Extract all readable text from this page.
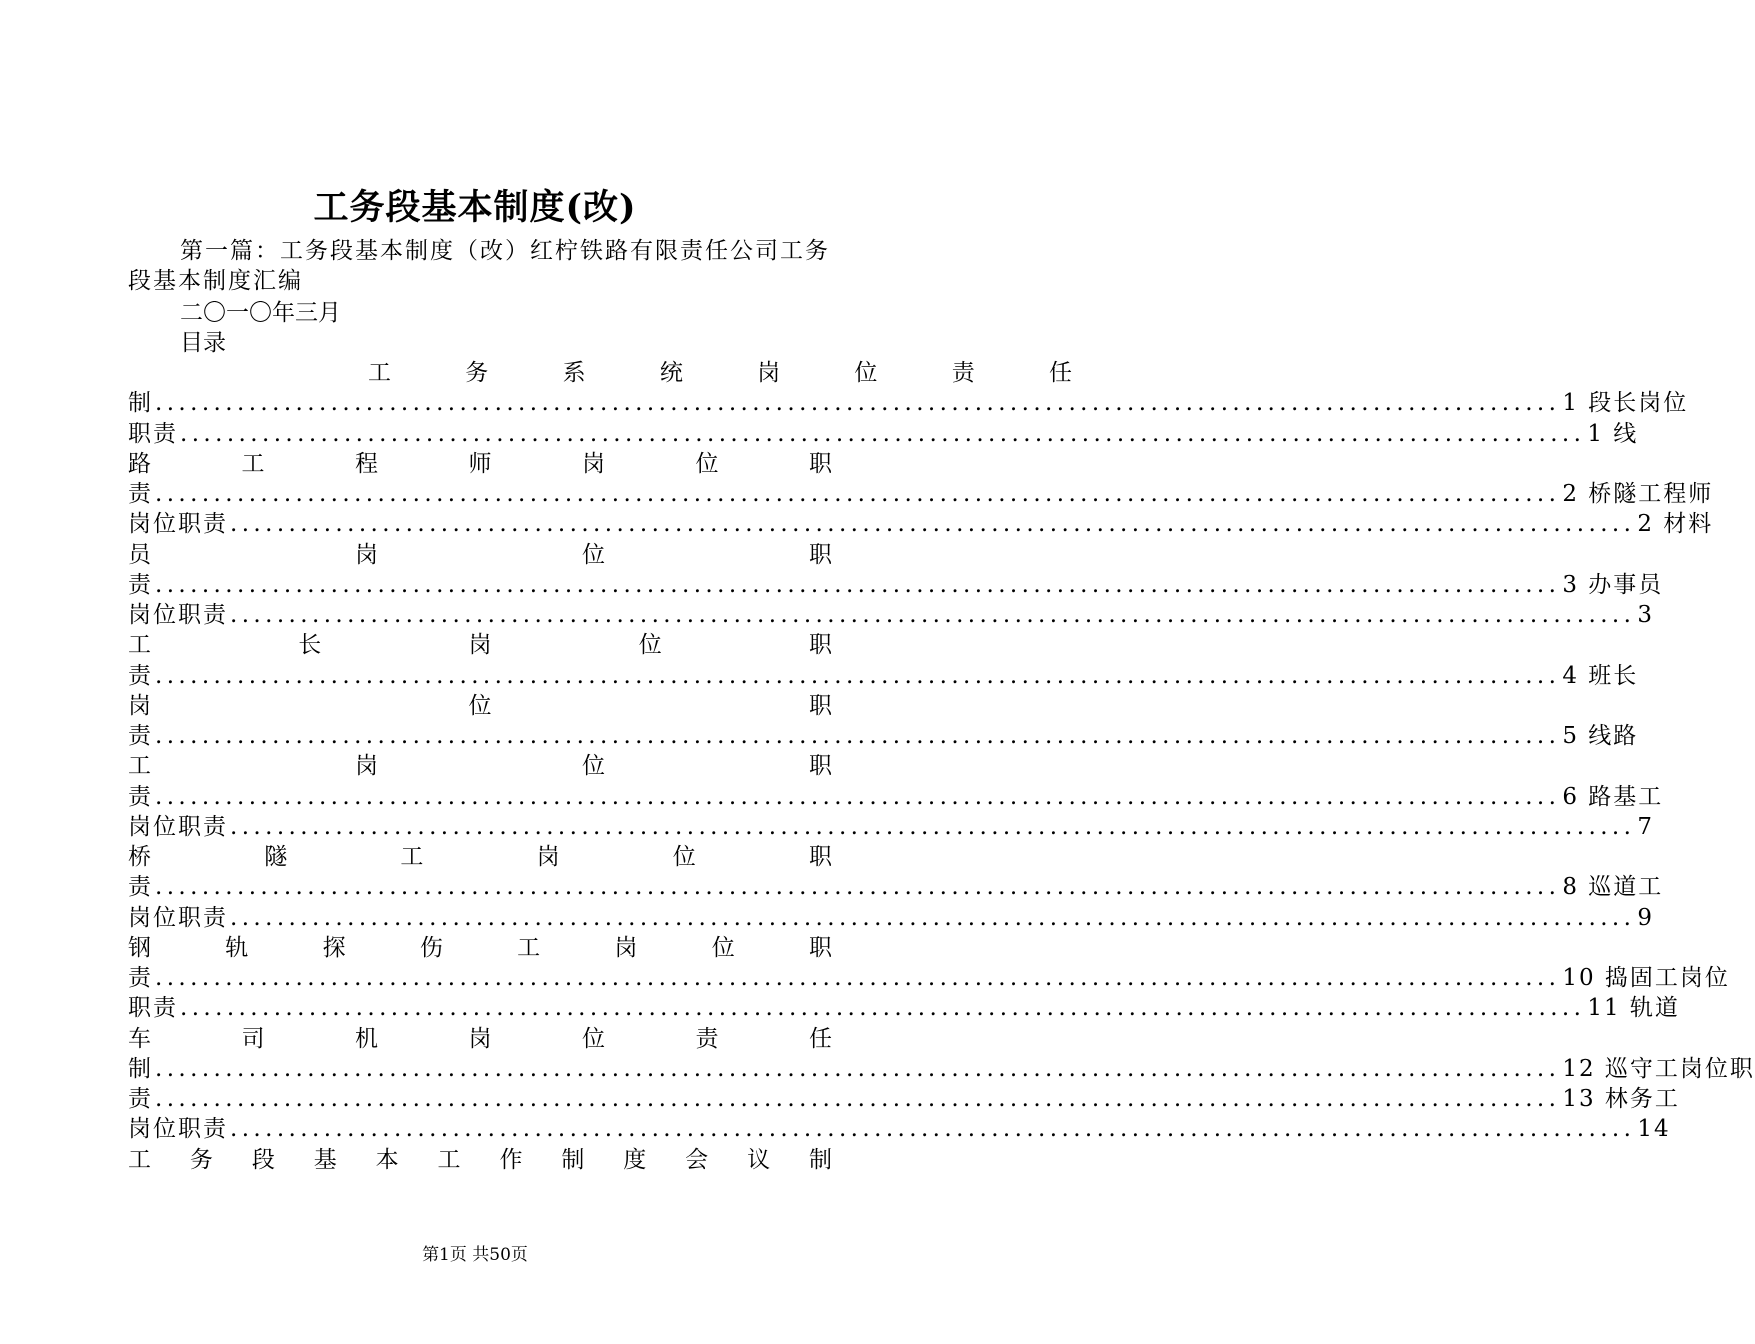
工务段基本制度(改)
第一篇：工务段基本制度（改）红柠铁路有限责任公司工务段基本制度汇编
二〇一〇年三月
目录
工	务	系	统	岗	位	责	任
制 ........................................................................................................................ 1 段长岗位
职责 ........................................................................................................................ 1 线
路	工	程	师	岗	位	职
责 ........................................................................................................................ 2 桥隧工程师
岗位职责 ........................................................................................................................ 2 材料
员	岗	位	职
责 ........................................................................................................................ 3 办事员
岗位职责 ........................................................................................................................ 3
工	长	岗	位	职
责 ........................................................................................................................ 4 班长
岗	位	职
责 ........................................................................................................................ 5 线路
工	岗	位	职
责 ........................................................................................................................ 6 路基工
岗位职责 ........................................................................................................................ 7
桥	隧	工	岗	位	职
责 ........................................................................................................................ 8 巡道工
岗位职责 ........................................................................................................................ 9
钢	轨	探	伤	工	岗	位	职
责 ........................................................................................................................ 10 捣固工岗位
职责 ........................................................................................................................ 11 轨道
车	司	机	岗	位	责	任
制 ........................................................................................................................ 12 巡守工岗位职
责 ........................................................................................................................ 13 林务工
岗位职责 ........................................................................................................................ 14
工 务 段 基 本 工 作 制 度 会 议 制
第1页 共50页
